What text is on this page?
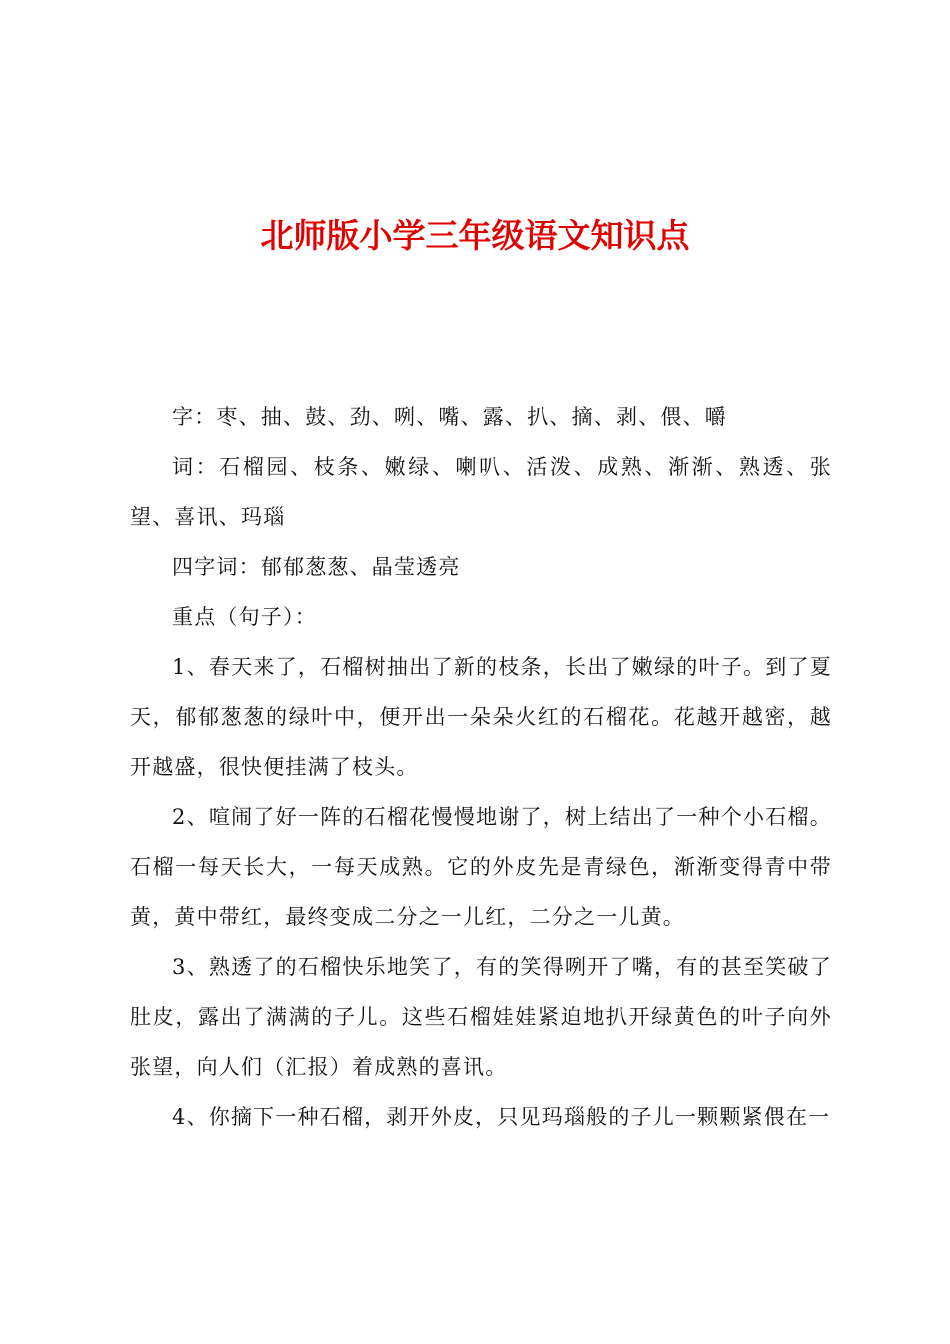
北师版小学三年级语文知识点

字：枣、抽、鼓、劲、咧、嘴、露、扒、摘、剥、偎、嚼

词：石榴园、枝条、嫩绿、喇叭、活泼、成熟、渐渐、熟透、张望、喜讯、玛瑙

四字词：郁郁葱葱、晶莹透亮

重点（句子）：

1、春天来了，石榴树抽出了新的枝条，长出了嫩绿的叶子。到了夏天，郁郁葱葱的绿叶中，便开出一朵朵火红的石榴花。花越开越密，越开越盛，很快便挂满了枝头。

2、喧闹了好一阵的石榴花慢慢地谢了，树上结出了一种个小石榴。石榴一每天长大，一每天成熟。它的外皮先是青绿色，渐渐变得青中带黄，黄中带红，最终变成二分之一儿红，二分之一儿黄。

3、熟透了的石榴快乐地笑了，有的笑得咧开了嘴，有的甚至笑破了肚皮，露出了满满的子儿。这些石榴娃娃紧迫地扒开绿黄色的叶子向外张望，向人们（汇报）着成熟的喜讯。

4、你摘下一种石榴，剥开外皮，只见玛瑙般的子儿一颗颗紧偎在一
